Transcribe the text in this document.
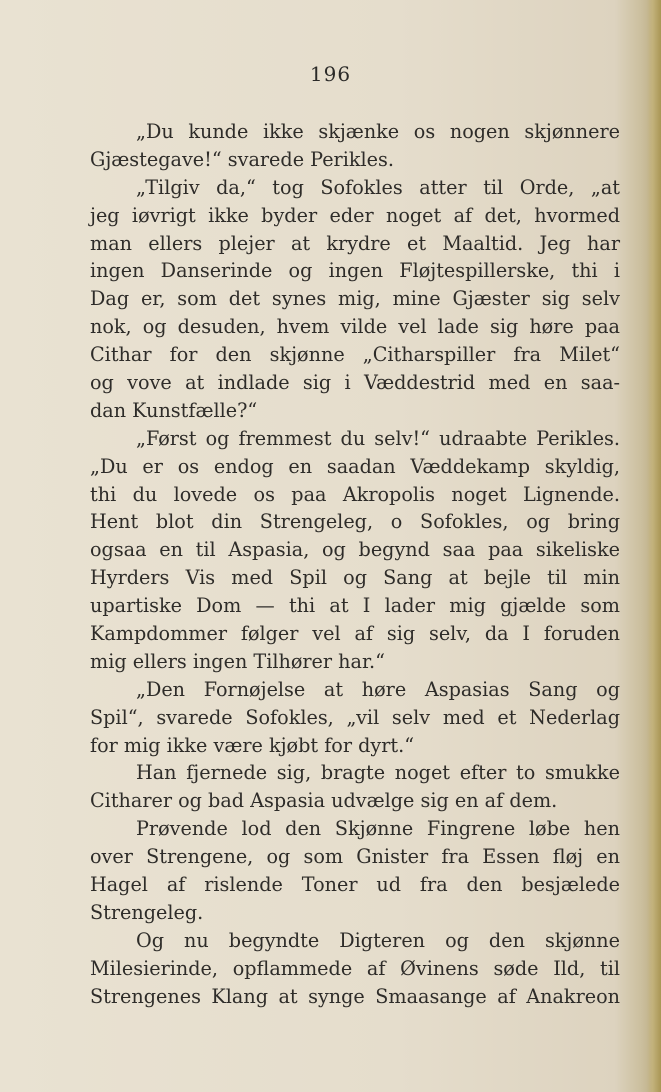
196

„Du kunde ikke skjænke os nogen skjønnere
Gjæstegave!“ svarede Perikles.
„Tilgiv da,“ tog Sofokles atter til Orde, „at
jeg iøvrigt ikke byder eder noget af det, hvormed
man ellers plejer at krydre et Maaltid. Jeg har
ingen Danserinde og ingen Fløjtespillerske, thi i
Dag er, som det synes mig, mine Gjæster sig selv
nok, og desuden, hvem vilde vel lade sig høre paa
Cithar for den skjønne „Citharspiller fra Milet“
og vove at indlade sig i Væddestrid med en saa-
dan Kunstfælle?“
„Først og fremmest du selv!“ udraabte Perikles.
„Du er os endog en saadan Væddekamp skyldig,
thi du lovede os paa Akropolis noget Lignende.
Hent blot din Strengeleg, o Sofokles, og bring
ogsaa en til Aspasia, og begynd saa paa sikeliske
Hyrders Vis med Spil og Sang at bejle til min
upartiske Dom — thi at I lader mig gjælde som
Kampdommer følger vel af sig selv, da I foruden
mig ellers ingen Tilhører har.“
„Den Fornøjelse at høre Aspasias Sang og
Spil“, svarede Sofokles, „vil selv med et Nederlag
for mig ikke være kjøbt for dyrt.“
Han fjernede sig, bragte noget efter to smukke
Citharer og bad Aspasia udvælge sig en af dem.
Prøvende lod den Skjønne Fingrene løbe hen
over Strengene, og som Gnister fra Essen fløj en
Hagel af rislende Toner ud fra den besjælede
Strengeleg.
Og nu begyndte Digteren og den skjønne
Milesierinde, opflammede af Øvinens søde Ild, til
Strengenes Klang at synge Smaasange af Anakreon
